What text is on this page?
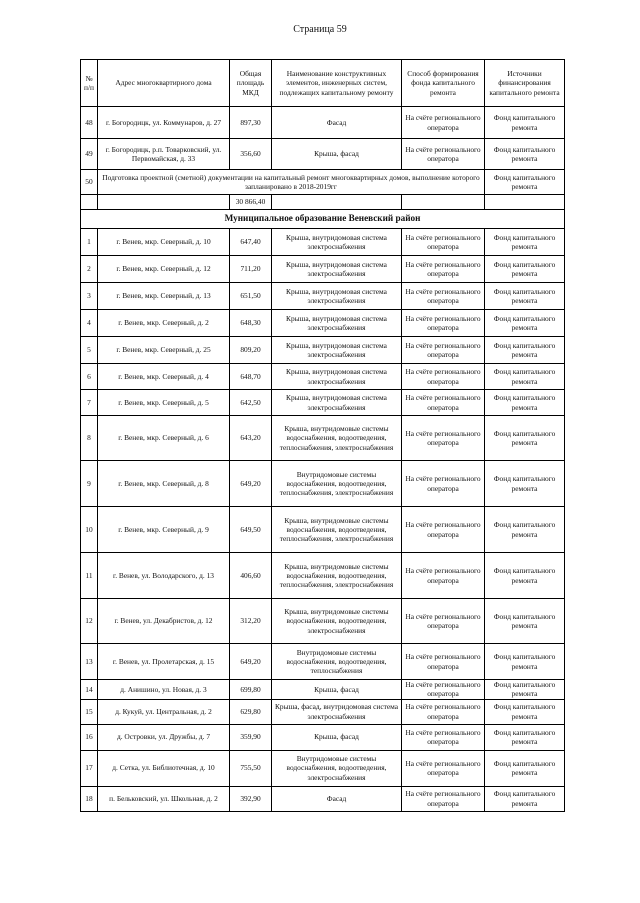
Страница 59
№ п/п	Адрес многоквартирного дома	Общая площадь МКД	Наименование конструктивных элементов, инженерных систем, подлежащих капитальному ремонту	Способ формирования фонда капитального ремонта	Источники финансирования капитального ремонта
48	г. Богородицк, ул. Коммунаров, д. 27	897,30	Фасад	На счёте регионального оператора	Фонд капитального ремонта
49	г. Богородицк, р.п. Товарковский, ул. Первомайская, д. 33	356,60	Крыша, фасад	На счёте регионального оператора	Фонд капитального ремонта
50	Подготовка проектной (сметной) документации на капитальный ремонт многоквартирных домов, выполнение которого запланировано в 2018-2019гг				Фонд капитального ремонта
		30 866,40			
Муниципальное образование Веневский район					
1	г. Венев, мкр. Северный, д. 10	647,40	Крыша, внутридомовая система электроснабжения	На счёте регионального оператора	Фонд капитального ремонта
2	г. Венев, мкр. Северный, д. 12	711,20	Крыша, внутридомовая система электроснабжения	На счёте регионального оператора	Фонд капитального ремонта
3	г. Венев, мкр. Северный, д. 13	651,50	Крыша, внутридомовая система электроснабжения	На счёте регионального оператора	Фонд капитального ремонта
4	г. Венев, мкр. Северный, д. 2	648,30	Крыша, внутридомовая система электроснабжения	На счёте регионального оператора	Фонд капитального ремонта
5	г. Венев, мкр. Северный, д. 25	809,20	Крыша, внутридомовая система электроснабжения	На счёте регионального оператора	Фонд капитального ремонта
6	г. Венев, мкр. Северный, д. 4	648,70	Крыша, внутридомовая система электроснабжения	На счёте регионального оператора	Фонд капитального ремонта
7	г. Венев, мкр. Северный, д. 5	642,50	Крыша, внутридомовая система электроснабжения	На счёте регионального оператора	Фонд капитального ремонта
8	г. Венев, мкр. Северный, д. 6	643,20	Крыша, внутридомовые системы водоснабжения, водоотведения, теплоснабжения, электроснабжения	На счёте регионального оператора	Фонд капитального ремонта
9	г. Венев, мкр. Северный, д. 8	649,20	Внутридомовые системы водоснабжения, водоотведения, теплоснабжения, электроснабжения	На счёте регионального оператора	Фонд капитального ремонта
10	г. Венев, мкр. Северный, д. 9	649,50	Крыша, внутридомовые системы водоснабжения, водоотведения, теплоснабжения, электроснабжения	На счёте регионального оператора	Фонд капитального ремонта
11	г. Венев, ул. Володарского, д. 13	406,60	Крыша, внутридомовые системы водоснабжения, водоотведения, теплоснабжения, электроснабжения	На счёте регионального оператора	Фонд капитального ремонта
12	г. Венев, ул. Декабристов, д. 12	312,20	Крыша, внутридомовые системы водоснабжения, водоотведения, электроснабжения	На счёте регионального оператора	Фонд капитального ремонта
13	г. Венев, ул. Пролетарская, д. 15	649,20	Внутридомовые системы водоснабжения, водоотведения, теплоснабжения	На счёте регионального оператора	Фонд капитального ремонта
14	д. Анишино, ул. Новая, д. 3	699,80	Крыша, фасад	На счёте регионального оператора	Фонд капитального ремонта
15	д. Кукуй, ул. Центральная, д. 2	629,80	Крыша, фасад, внутридомовая система электроснабжения	На счёте регионального оператора	Фонд капитального ремонта
16	д. Островки, ул. Дружбы, д. 7	359,90	Крыша, фасад	На счёте регионального оператора	Фонд капитального ремонта
17	д. Сетка, ул. Библиотечная, д. 10	755,50	Внутридомовые системы водоснабжения, водоотведения, электроснабжения	На счёте регионального оператора	Фонд капитального ремонта
18	п. Бельковский, ул. Школьная, д. 2	392,90	Фасад	На счёте регионального оператора	Фонд капитального ремонта
